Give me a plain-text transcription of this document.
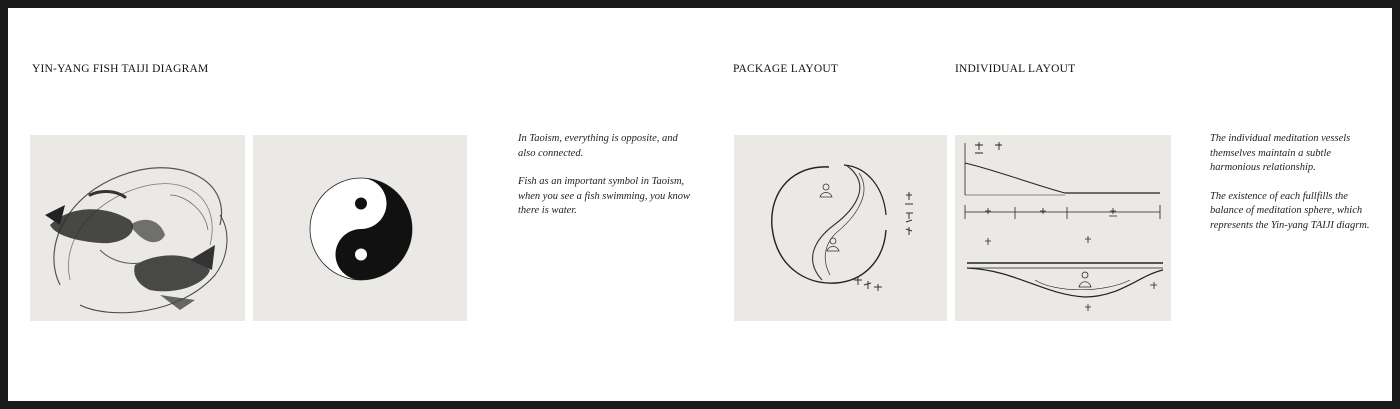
YIN-YANG FISH TAIJI DIAGRAM	PACKAGE LAYOUT	INDIVIDUAL LAYOUT

In Taoism, everything is opposite, and also connected.

Fish as an important symbol in Taoism, when you see a fish swimming, you know there is water.

The individual meditation vessels themselves maintain a subtle harmonious relationship.

The existence of each fullfills the balance of meditation sphere, which represents the Yin-yang TAIJI diagrm.
